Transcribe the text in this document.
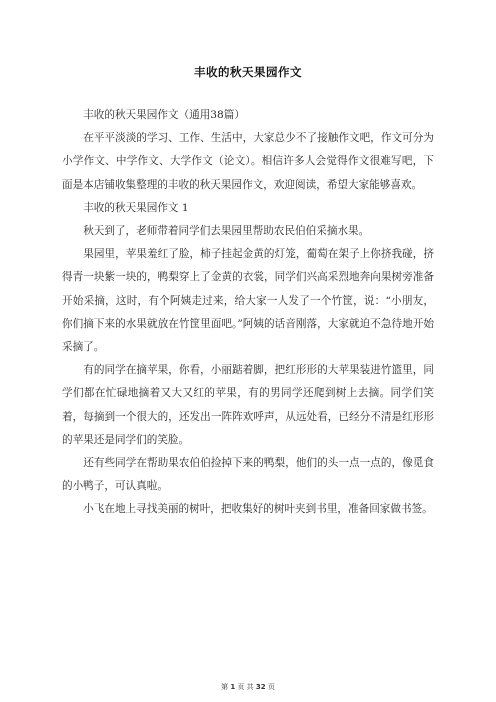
丰收的秋天果园作文

丰收的秋天果园作文（通用38篇）

在平平淡淡的学习、工作、生活中，大家总少不了接触作文吧，作文可分为小学作文、中学作文、大学作文（论文）。相信许多人会觉得作文很难写吧，下面是本店铺收集整理的丰收的秋天果园作文，欢迎阅读，希望大家能够喜欢。

丰收的秋天果园作文 1

秋天到了，老师带着同学们去果园里帮助农民伯伯采摘水果。

果园里，苹果羞红了脸，柿子挂起金黄的灯笼，葡萄在架子上你挤我碰，挤得青一块紫一块的，鸭梨穿上了金黄的衣裳，同学们兴高采烈地奔向果树旁准备开始采摘，这时，有个阿姨走过来，给大家一人发了一个竹筐，说：“小朋友，你们摘下来的水果就放在竹筐里面吧。”阿姨的话音刚落，大家就迫不急待地开始采摘了。

有的同学在摘苹果，你看，小丽踮着脚，把红形形的大苹果装进竹篮里，同学们都在忙碌地摘着又大又红的苹果，有的男同学还爬到树上去摘。同学们笑着，每摘到一个很大的，还发出一阵阵欢呼声，从远处看，已经分不清是红形形的苹果还是同学们的笑脸。

还有些同学在帮助果农伯伯捡掉下来的鸭梨，他们的头一点一点的，像觅食的小鸭子，可认真啦。

小飞在地上寻找美丽的树叶，把收集好的树叶夹到书里，准备回家做书签。

第 1 页 共 32 页
